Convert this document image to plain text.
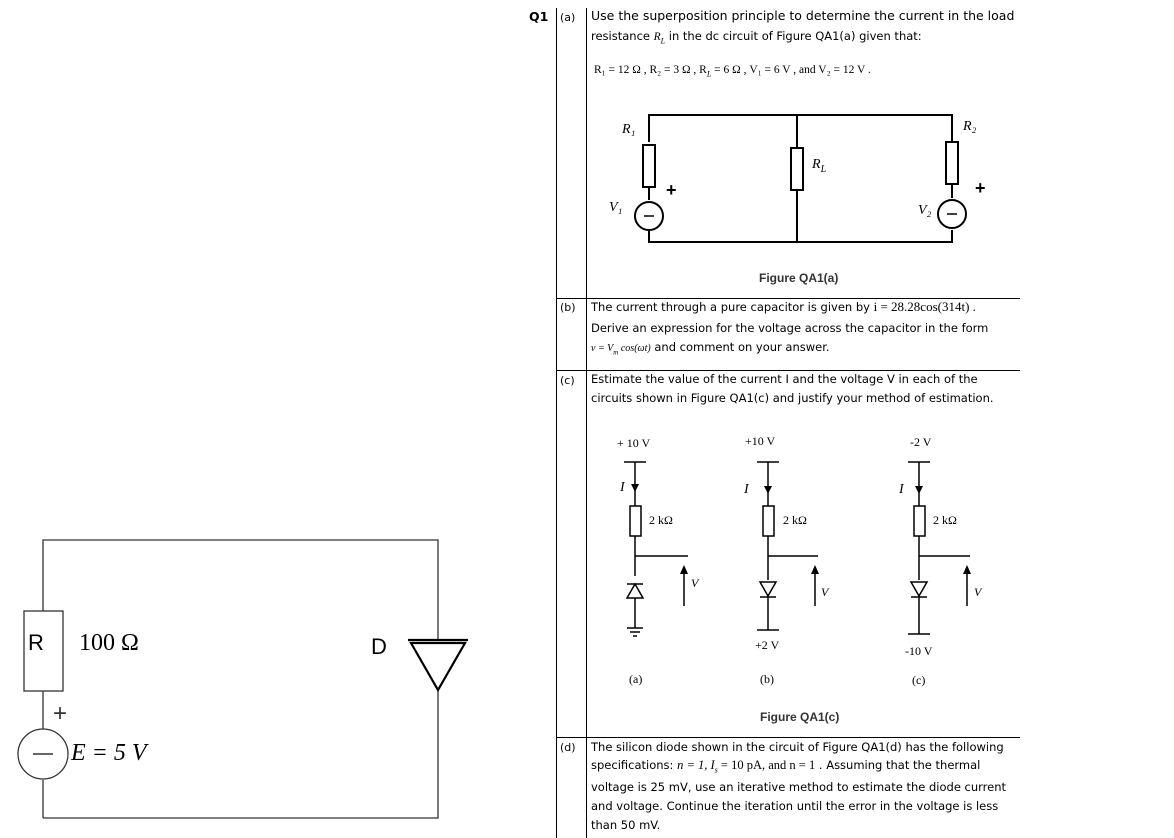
Q1 (a) Use the superposition principle to determine the current in the load
resistance $R_L$ in the dc circuit of Figure QA1(a) given that:
R₁ = 12 Ω , R₂ = 3 Ω , $R_L = 6$ Ω , V₁ = 6 V , and V₂ = 12 V .
R₁	R₂
$R_L$
V₁	V₂
+	+
Figure QA1(a)
(b) The current through a pure capacitor is given by i = 28.28cos(314t) .
Derive an expression for the voltage across the capacitor in the form
$v = V_m$ cos(ωt) and comment on your answer.
(c) Estimate the value of the current I and the voltage V in each of the
circuits shown in Figure QA1(c) and justify your method of estimation.
+ 10 V
I
2 kΩ
V
(a)
+10 V
I
2 kΩ
V
+2 V
(b)
-2 V
I
2 kΩ
V
-10 V
(c)
Figure QA1(c)
(d) The silicon diode shown in the circuit of Figure QA1(d) has the following
specifications: n = 1, $I_s = 10$ pA, and n = 1 . Assuming that the thermal
voltage is 25 mV, use an iterative method to estimate the diode current
and voltage. Continue the iteration until the error in the voltage is less
than 50 mV.
R 100 Ω	D
+
E = 5 V
